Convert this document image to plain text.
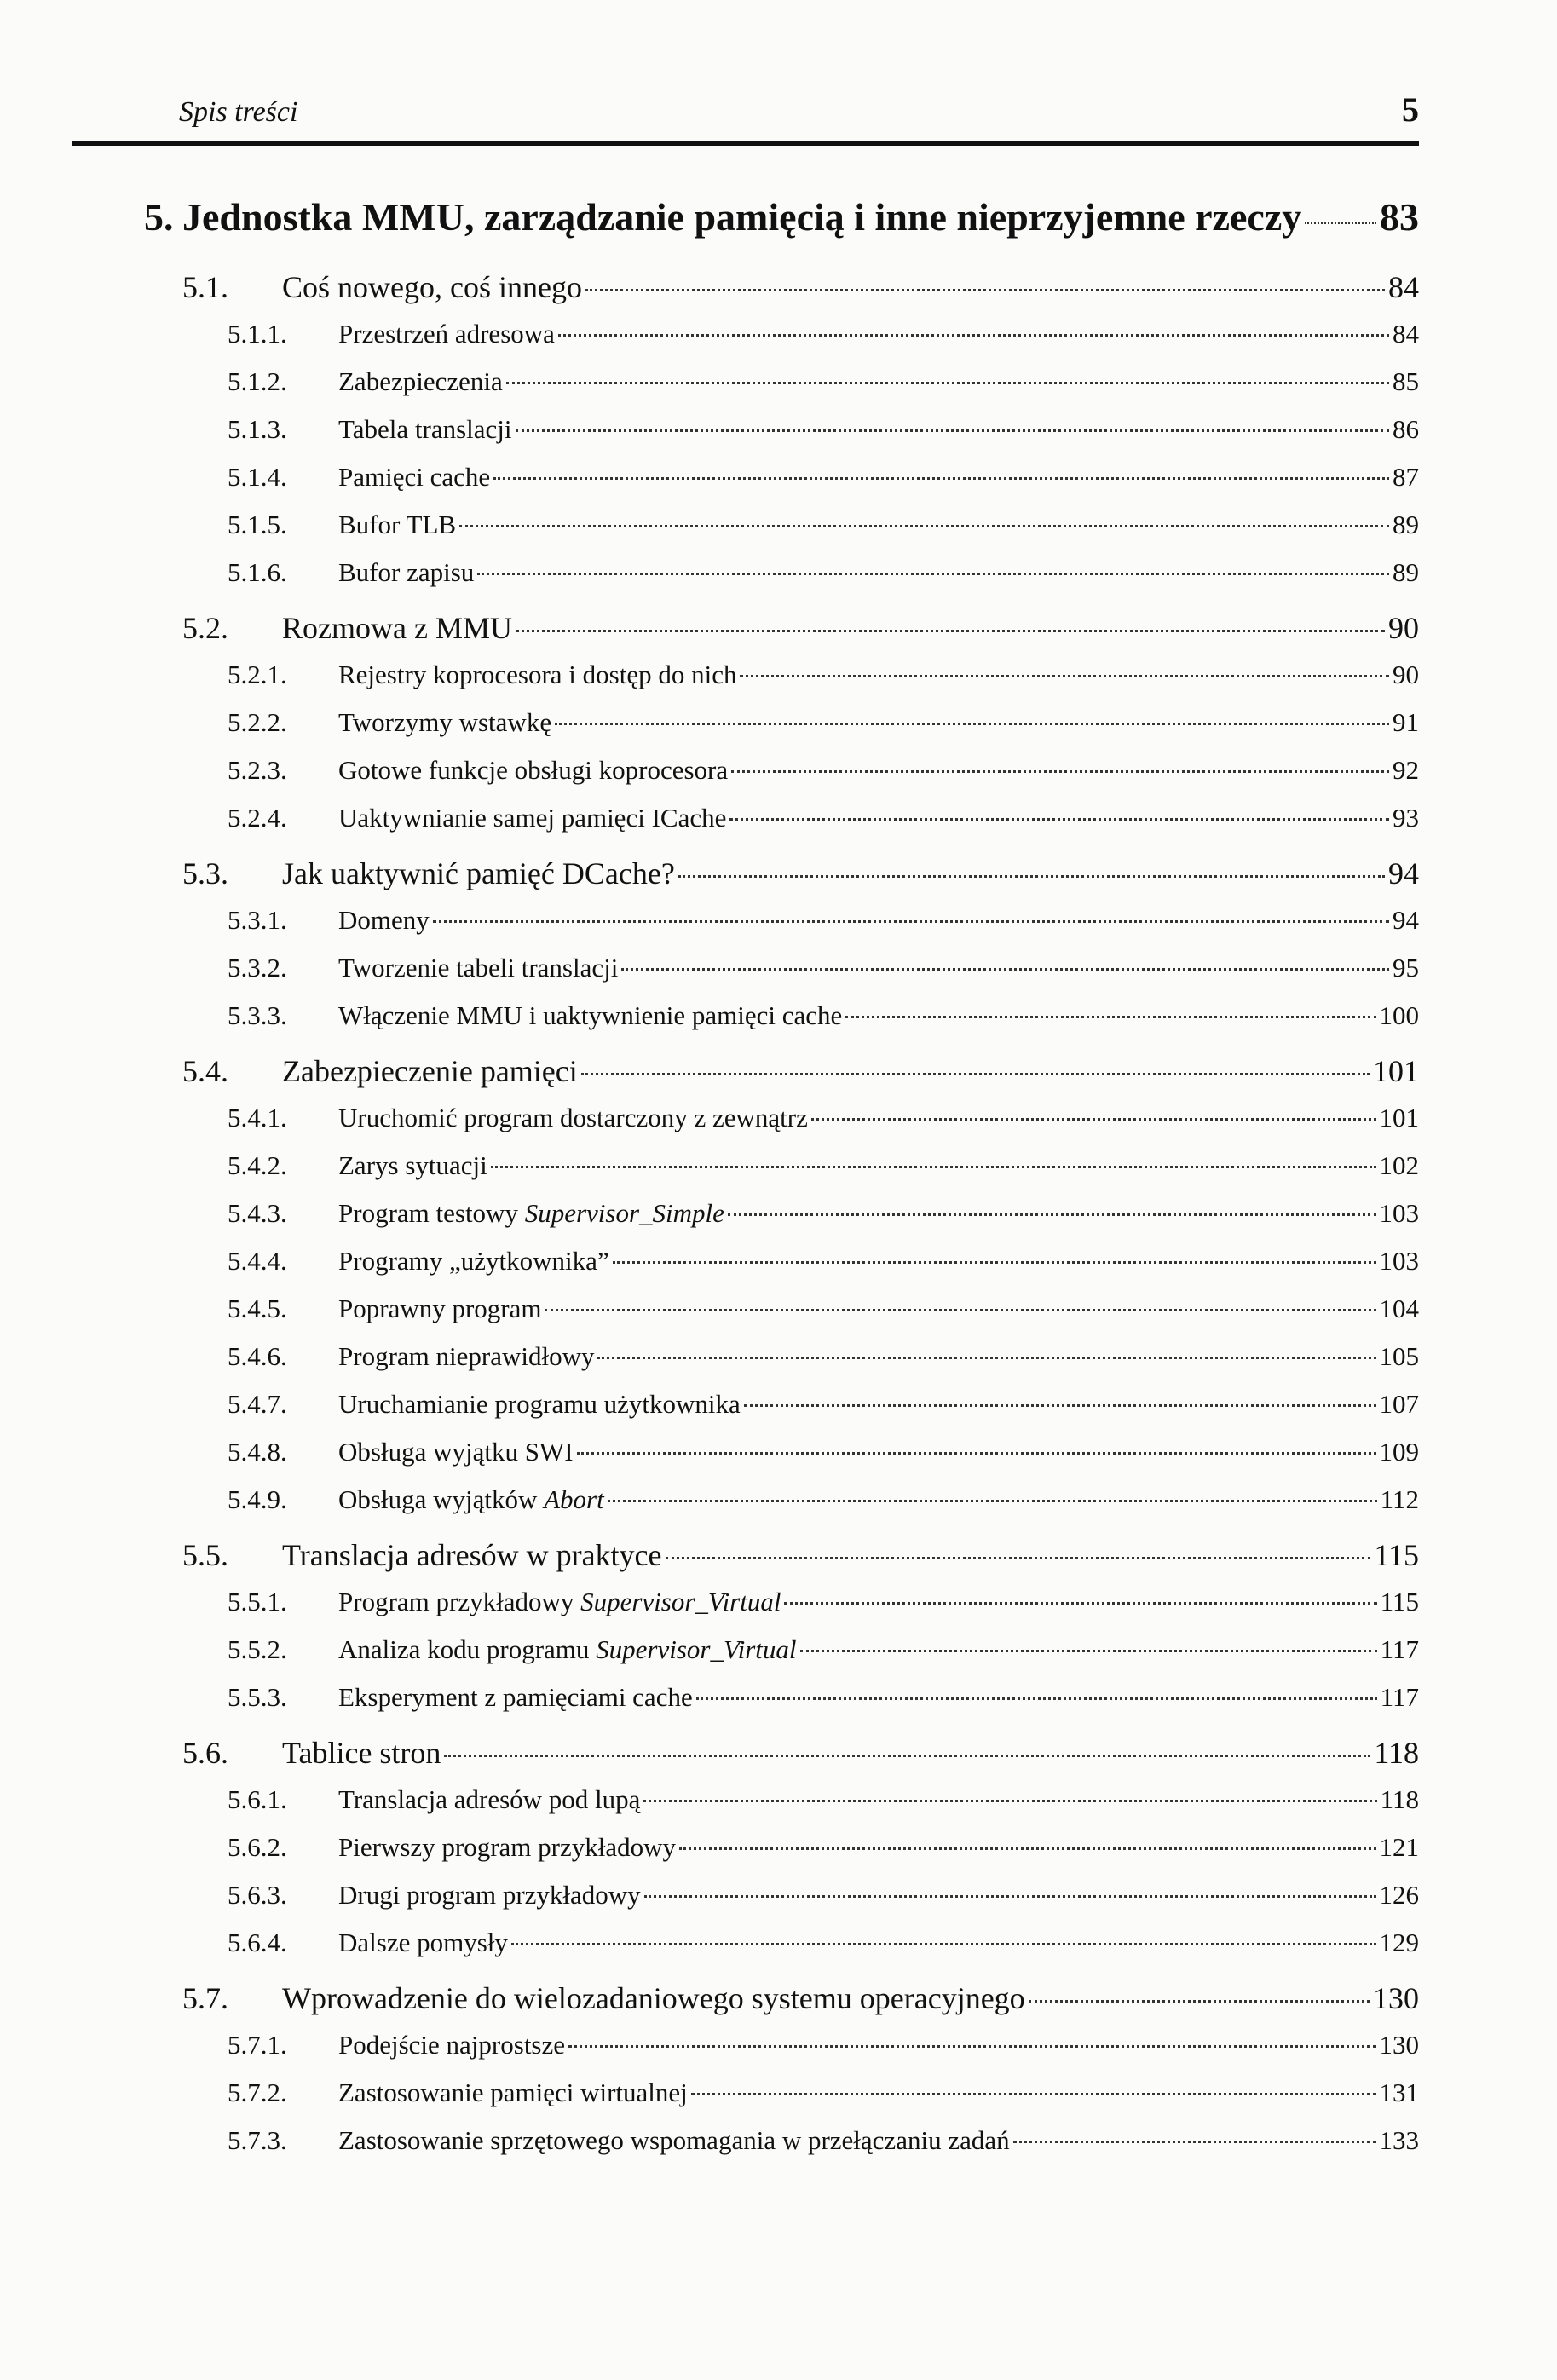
Spis treści	5
5. Jednostka MMU, zarządzanie pamięcią i inne nieprzyjemne rzeczy 83
5.1.	Coś nowego, coś innego	84
5.1.1.	Przestrzeń adresowa	84
5.1.2.	Zabezpieczenia	85
5.1.3.	Tabela translacji	86
5.1.4.	Pamięci cache	87
5.1.5.	Bufor TLB	89
5.1.6.	Bufor zapisu	89
5.2.	Rozmowa z MMU	90
5.2.1.	Rejestry koprocesora i dostęp do nich	90
5.2.2.	Tworzymy wstawkę	91
5.2.3.	Gotowe funkcje obsługi koprocesora	92
5.2.4.	Uaktywnianie samej pamięci ICache	93
5.3.	Jak uaktywnić pamięć DCache?	94
5.3.1.	Domeny	94
5.3.2.	Tworzenie tabeli translacji	95
5.3.3.	Włączenie MMU i uaktywnienie pamięci cache	100
5.4.	Zabezpieczenie pamięci	101
5.4.1.	Uruchomić program dostarczony z zewnątrz	101
5.4.2.	Zarys sytuacji	102
5.4.3.	Program testowy Supervisor_Simple	103
5.4.4.	Programy „użytkownika”	103
5.4.5.	Poprawny program	104
5.4.6.	Program nieprawidłowy	105
5.4.7.	Uruchamianie programu użytkownika	107
5.4.8.	Obsługa wyjątku SWI	109
5.4.9.	Obsługa wyjątków Abort	112
5.5.	Translacja adresów w praktyce	115
5.5.1.	Program przykładowy Supervisor_Virtual	115
5.5.2.	Analiza kodu programu Supervisor_Virtual	117
5.5.3.	Eksperyment z pamięciami cache	117
5.6.	Tablice stron	118
5.6.1.	Translacja adresów pod lupą	118
5.6.2.	Pierwszy program przykładowy	121
5.6.3.	Drugi program przykładowy	126
5.6.4.	Dalsze pomysły	129
5.7.	Wprowadzenie do wielozadaniowego systemu operacyjnego	130
5.7.1.	Podejście najprostsze	130
5.7.2.	Zastosowanie pamięci wirtualnej	131
5.7.3.	Zastosowanie sprzętowego wspomagania w przełączaniu zadań	133
